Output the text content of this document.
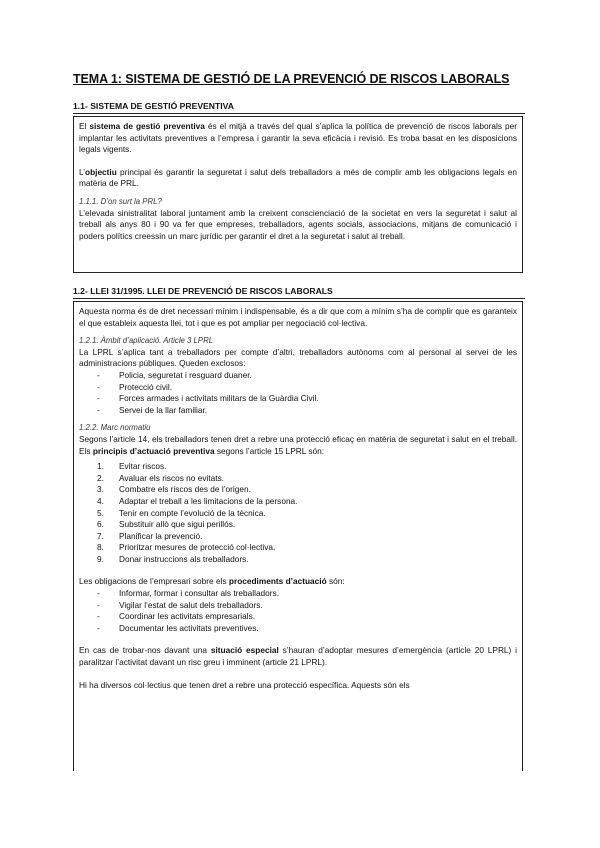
TEMA 1: SISTEMA DE GESTIÓ DE LA PREVENCIÓ DE RISCOS LABORALS
1.1- SISTEMA DE GESTIÓ PREVENTIVA

El sistema de gestió preventiva és el mitjà a través del qual s’aplica la política de prevenció de riscos laborals per implantar les activitats preventives a l’empresa i garantir la seva eficàcia i revisió. Es troba basat en les disposicions legals vigents.

L’objectiu principal és garantir la seguretat i salut dels treballadors a més de complir amb les obligacions legals en matèria de PRL.

1.1.1. D’on surt la PRL?

L’elevada sinistralitat laboral juntament amb la creixent conscienciació de la societat en vers la seguretat i salut al treball als anys 80 i 90 va fer que empreses, treballadors, agents socials, associacions, mitjans de comunicació i poders polítics creessin un marc jurídic per garantir el dret a la seguretat i salut al treball.

1.2- LLEI 31/1995. LLEI DE PREVENCIÓ DE RISCOS LABORALS

Aquesta norma és de dret necessari mínim i indispensable, és a dir que com a mínim s’ha de complir que es garanteix el que estableix aquesta llei, tot i que es pot ampliar per negociació col·lectiva.

1.2.1. Àmbit d’aplicació. Article 3 LPRL

La LPRL s’aplica tant a treballadors per compte d’altri, treballadors autònoms com al personal al servei de les administracions públiques. Queden exclosos:

- Policia, seguretat i resguard duaner.
- Protecció civil.
- Forces armades i activitats militars de la Guàrdia Civil.
- Servei de la llar familiar.
1.2.2. Marc normatiu

Segons l’article 14, els treballadors tenen dret a rebre una protecció eficaç en matèria de seguretat i salut en el treball. Els principis d’actuació preventiva segons l’article 15 LPRL són:

1. Evitar riscos.
2. Avaluar els riscos no evitats.
3. Combatre els riscos des de l’origen.
4. Adaptar el treball a les limitacions de la persona.
5. Tenir en compte l’evolució de la tècnica.
6. Substituir allò que sigui perillós.
7. Planificar la prevenció.
8. Prioritzar mesures de protecció col·lectiva.
9. Donar instruccions als treballadors.

Les obligacions de l’empresari sobre els procediments d’actuació són:

- Informar, formar i consultar als treballadors.
- Vigilar l’estat de salut dels treballadors.
- Coordinar les activitats empresarials.
- Documentar les activitats preventives.

En cas de trobar-nos davant una situació especial s’hauran d’adoptar mesures d’emergència (article 20 LPRL) i paralitzar l’activitat davant un risc greu i imminent (article 21 LPRL).

Hi ha diversos col·lectius que tenen dret a rebre una protecció específica. Aquests són els
